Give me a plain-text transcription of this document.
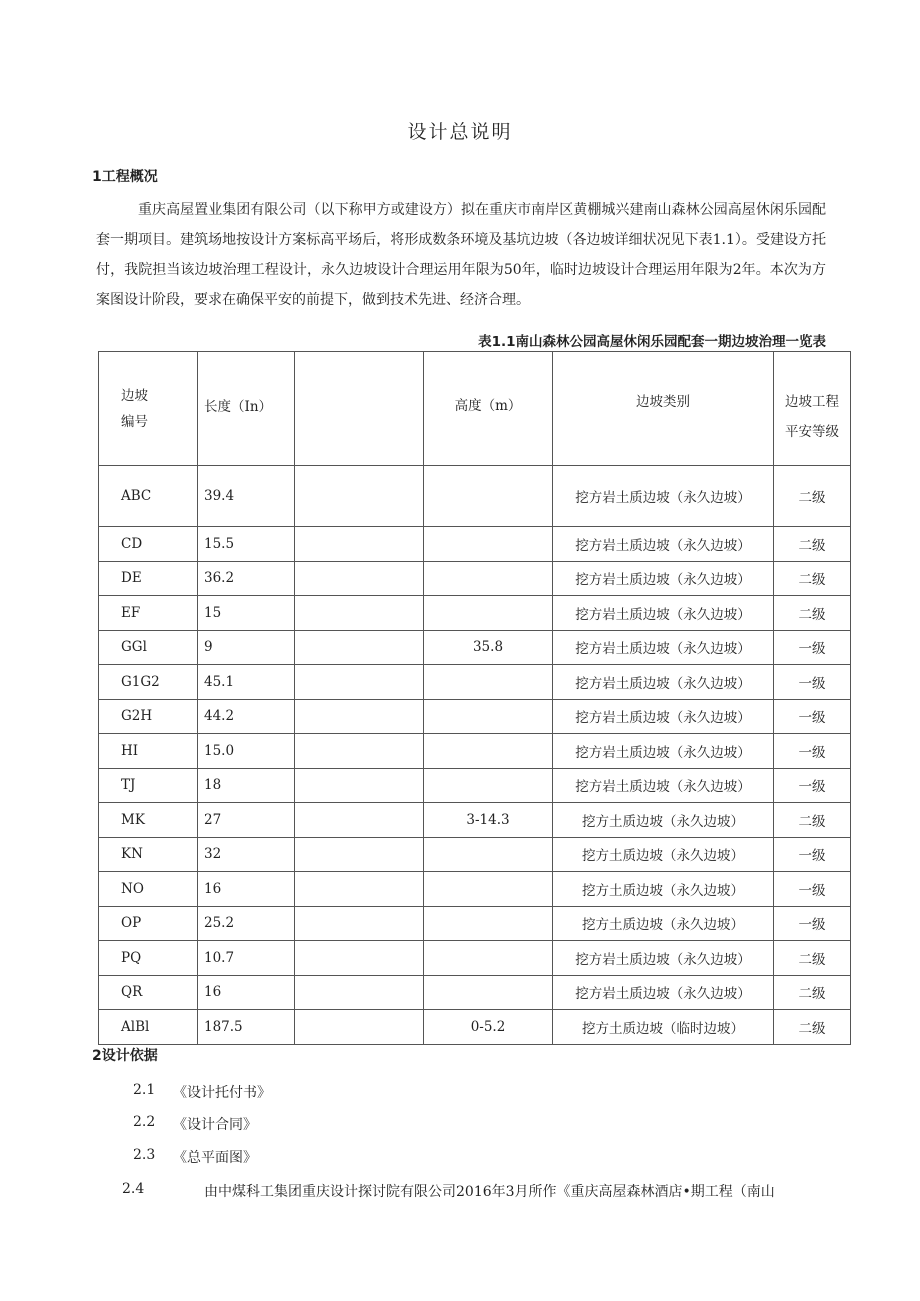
设计总说明
1工程概况
重庆高屋置业集团有限公司（以下称甲方或建设方）拟在重庆市南岸区黄棚城兴建南山森林公园高屋休闲乐园配套一期项目。建筑场地按设计方案标高平场后，将形成数条环境及基坑边坡（各边坡详细状况见下表1.1）。受建设方托付，我院担当该边坡治理工程设计，永久边坡设计合理运用年限为50年，临时边坡设计合理运用年限为2年。本次为方案图设计阶段，要求在确保平安的前提下，做到技术先进、经济合理。
表1.1南山森林公园高屋休闲乐园配套一期边坡治理一览表
边坡
编号	长度（In）		高度（m）	边坡类别	边坡工程
平安等级
ABC	39.4			挖方岩土质边坡（永久边坡）	二级
CD	15.5			挖方岩土质边坡（永久边坡）	二级
DE	36.2			挖方岩土质边坡（永久边坡）	二级
EF	15			挖方岩土质边坡（永久边坡）	二级
GGl	9		35.8	挖方岩土质边坡（永久边坡）	一级
G1G2	45.1			挖方岩土质边坡（永久边坡）	一级
G2H	44.2			挖方岩土质边坡（永久边坡）	一级
HI	15.0			挖方岩土质边坡（永久边坡）	一级
TJ	18			挖方岩土质边坡（永久边坡）	一级
MK	27		3-14.3	挖方土质边坡（永久边坡）	二级
KN	32			挖方土质边坡（永久边坡）	一级
NO	16			挖方土质边坡（永久边坡）	一级
OP	25.2			挖方土质边坡（永久边坡）	一级
PQ	10.7			挖方岩土质边坡（永久边坡）	二级
QR	16			挖方岩土质边坡（永久边坡）	二级
AlBl	187.5		0-5.2	挖方土质边坡（临时边坡）	二级
2设计依据
2.1 《设计托付书》
2.2 《设计合同》
2.3 《总平面图》
2.4	由中煤科工集团重庆设计探讨院有限公司2016年3月所作《重庆高屋森林酒店•期工程（南山
